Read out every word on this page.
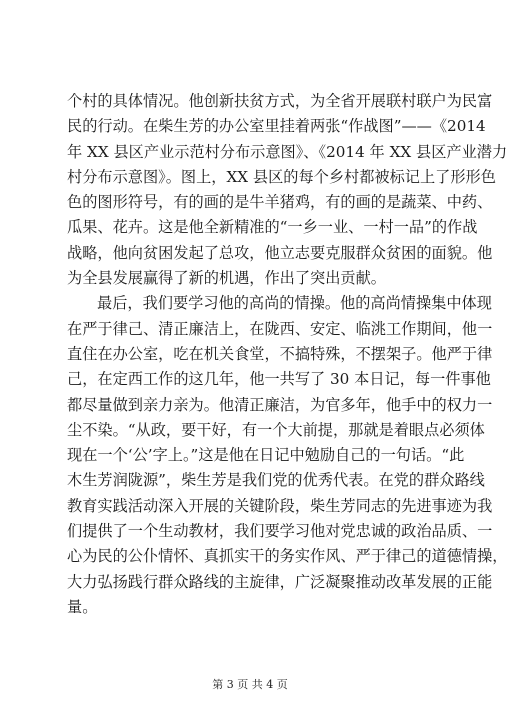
个村的具体情况。他创新扶贫方式，为全省开展联村联户为民富
民的行动。在柴生芳的办公室里挂着两张“作战图”——《2014
年 XX 县区产业示范村分布示意图》、《2014 年 XX 县区产业潜力
村分布示意图》。图上，XX 县区的每个乡村都被标记上了形形色
色的图形符号，有的画的是牛羊猪鸡，有的画的是蔬菜、中药、
瓜果、花卉。这是他全新精准的“一乡一业、一村一品”的作战
战略，他向贫困发起了总攻，他立志要克服群众贫困的面貌。他
为全县发展赢得了新的机遇，作出了突出贡献。
最后，我们要学习他的高尚的情操。他的高尚情操集中体现
在严于律己、清正廉洁上，在陇西、安定、临洮工作期间，他一
直住在办公室，吃在机关食堂，不搞特殊，不摆架子。他严于律
己，在定西工作的这几年，他一共写了 30 本日记，每一件事他
都尽量做到亲力亲为。他清正廉洁，为官多年，他手中的权力一
尘不染。“从政，要干好，有一个大前提，那就是着眼点必须体
现在一个‘公’字上。”这是他在日记中勉励自己的一句话。“此
木生芳润陇源”，柴生芳是我们党的优秀代表。在党的群众路线
教育实践活动深入开展的关键阶段，柴生芳同志的先进事迹为我
们提供了一个生动教材，我们要学习他对党忠诚的政治品质、一
心为民的公仆情怀、真抓实干的务实作风、严于律己的道德情操，
大力弘扬践行群众路线的主旋律，广泛凝聚推动改革发展的正能
量。
第 3 页 共 4 页
